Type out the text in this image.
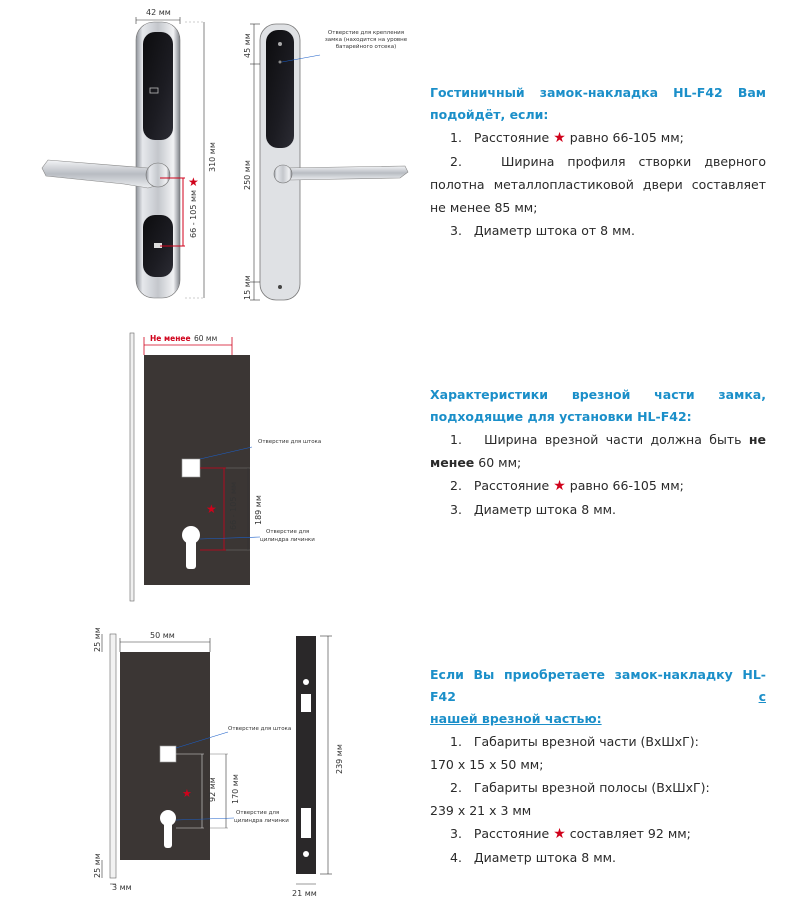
42 мм
310 мм
66 - 105 мм
★
45 мм
250 мм
15 мм
Отверстие для крепления замка (находится на уровне батарейного отсека)
Гостиничный замок-накладка HL-F42 Вам
подойдёт, если:
1. Расстояние ★ равно 66-105 мм;
2.	Ширина профиля створки дверного полотна металлопластиковой двери составляет не менее 85 мм;
3. Диаметр штока от 8 мм.
Не менее 60 мм
66 - 105 мм
★	189 мм
Отверстие для штока
Отверстие для
цилиндра личинки
Характеристики врезной части замка,
подходящие для установки HL-F42:
1. Ширина врезной части должна быть не менее 60 мм;
2. Расстояние ★ равно 66-105 мм;
3. Диаметр штока 8 мм.
50 мм
25 мм
25 мм
3 мм
92 мм
★	170 мм
Отверстие для штока
Отверстие для
цилиндра личинки
239 мм
21 мм
Если Вы приобретаете замок-накладку HL-F42	с
нашей врезной частью:
1. Габариты врезной части (ВхШхГ):
170 х 15 х 50 мм;
2. Габариты врезной полосы (ВхШхГ):
239 х 21 х 3 мм
3. Расстояние ★ составляет 92 мм;
4. Диаметр штока 8 мм.
